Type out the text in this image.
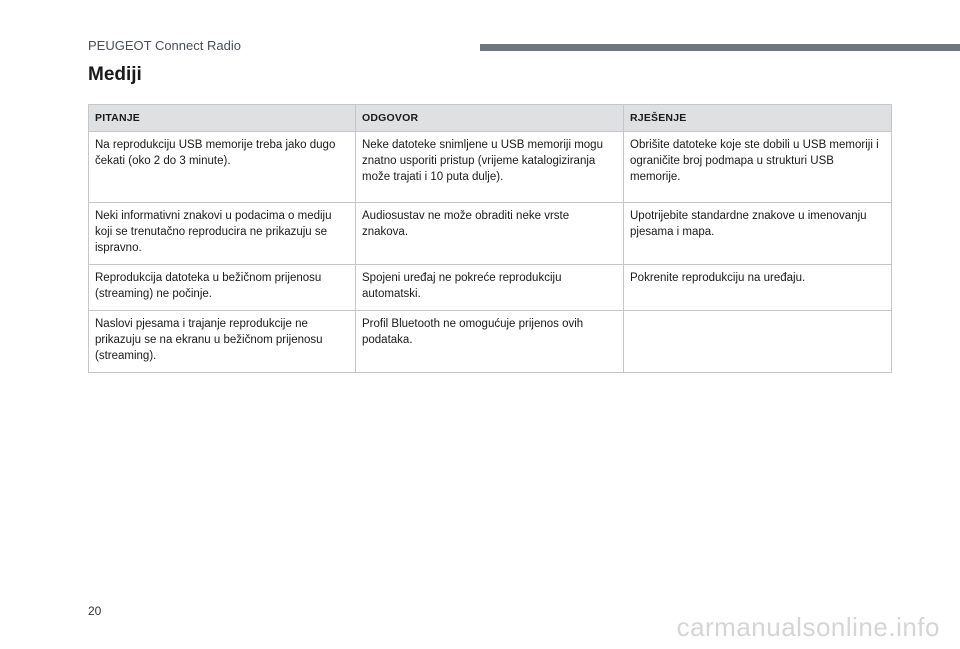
PEUGEOT Connect Radio
Mediji
PITANJE	ODGOVOR	RJEŠENJE
Na reprodukciju USB memorije treba jako dugo čekati (oko 2 do 3 minute).	Neke datoteke snimljene u USB memoriji mogu znatno usporiti pristup (vrijeme katalogiziranja može trajati i 10 puta dulje).	Obrišite datoteke koje ste dobili u USB memoriji i ograničite broj podmapa u strukturi USB memorije.
Neki informativni znakovi u podacima o mediju koji se trenutačno reproducira ne prikazuju se ispravno.	Audiosustav ne može obraditi neke vrste znakova.	Upotrijebite standardne znakove u imenovanju pjesama i mapa.
Reprodukcija datoteka u bežičnom prijenosu (streaming) ne počinje.	Spojeni uređaj ne pokreće reprodukciju automatski.	Pokrenite reprodukciju na uređaju.
Naslovi pjesama i trajanje reprodukcije ne prikazuju se na ekranu u bežičnom prijenosu (streaming).	Profil Bluetooth ne omogućuje prijenos ovih podataka.	
20
carmanualsonline.info
